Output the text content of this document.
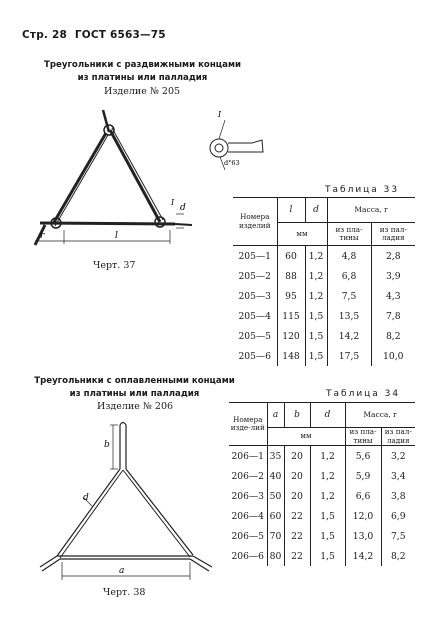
Стр. 28 ГОСТ 6563—75
Треугольники с раздвижными концами
из платины или палладия
Изделие № 205
l
r
d
I
I
d°63
b
a
d
Черт. 37
Таблица 33
Номера изделий	l	d	Масса, г	
	мм		из пла-тины	из пал-ладия
205—1	60	1,2	4,8	2,8
205—2	88	1,2	6,8	3,9
205—3	95	1,2	7,5	4,3
205—4	115	1,5	13,5	7,8
205—5	120	1,5	14,2	8,2
205—6	148	1,5	17,5	10,0
Треугольники с оплавленными концами
из платины или палладия
Изделие № 206
Черт. 38
Таблица 34
Номера изде-лий	a	b	d	Масса, г	
	мм			из пла-тины	из пал-ладия
206—1	35	20	1,2	5,6	3,2
206—2	40	20	1,2	5,9	3,4
206—3	50	20	1,2	6,6	3,8
206—4	60	22	1,5	12,0	6,9
206—5	70	22	1,5	13,0	7,5
206—6	80	22	1,5	14,2	8,2
